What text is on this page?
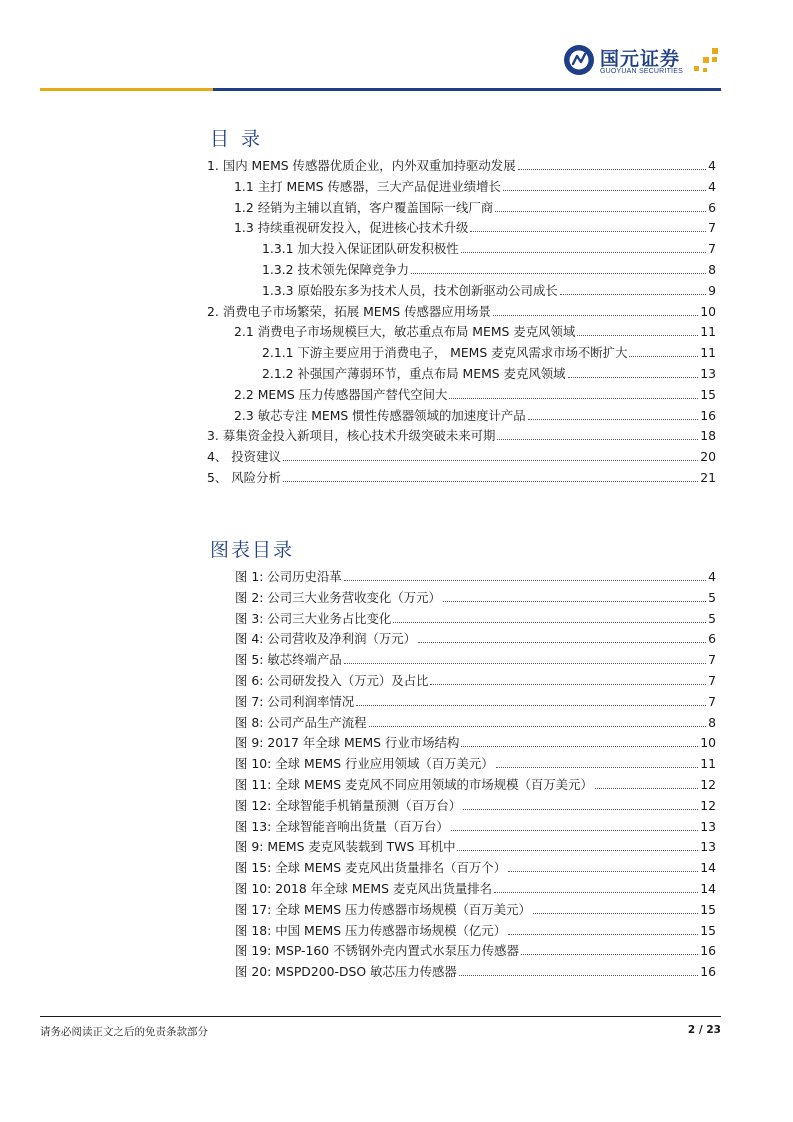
国元证券
GUOYUAN SECURITIES
目录
1. 国内 MEMS 传感器优质企业，内外双重加持驱动发展	4
1.1 主打 MEMS 传感器，三大产品促进业绩增长	4
1.2 经销为主辅以直销，客户覆盖国际一线厂商	6
1.3 持续重视研发投入，促进核心技术升级	7
1.3.1 加大投入保证团队研发积极性	7
1.3.2 技术领先保障竞争力	8
1.3.3 原始股东多为技术人员，技术创新驱动公司成长	9
2. 消费电子市场繁荣，拓展 MEMS 传感器应用场景	10
2.1 消费电子市场规模巨大，敏芯重点布局 MEMS 麦克风领域	11
2.1.1 下游主要应用于消费电子， MEMS 麦克风需求市场不断扩大	11
2.1.2 补强国产薄弱环节，重点布局 MEMS 麦克风领域	13
2.2 MEMS 压力传感器国产替代空间大	15
2.3 敏芯专注 MEMS 惯性传感器领域的加速度计产品	16
3. 募集资金投入新项目，核心技术升级突破未来可期	18
4、 投资建议	20
5、 风险分析	21
图表目录
图 1: 公司历史沿革	4
图 2: 公司三大业务营收变化（万元）	5
图 3: 公司三大业务占比变化	5
图 4: 公司营收及净利润（万元）	6
图 5: 敏芯终端产品	7
图 6: 公司研发投入（万元）及占比	7
图 7: 公司利润率情况	7
图 8: 公司产品生产流程	8
图 9: 2017 年全球 MEMS 行业市场结构	10
图 10: 全球 MEMS 行业应用领域（百万美元）	11
图 11: 全球 MEMS 麦克风不同应用领域的市场规模（百万美元）	12
图 12: 全球智能手机销量预测（百万台）	12
图 13: 全球智能音响出货量（百万台）	13
图 9: MEMS 麦克风装载到 TWS 耳机中	13
图 15: 全球 MEMS 麦克风出货量排名（百万个）	14
图 10: 2018 年全球 MEMS 麦克风出货量排名	14
图 17: 全球 MEMS 压力传感器市场规模（百万美元）	15
图 18: 中国 MEMS 压力传感器市场规模（亿元）	15
图 19: MSP-160 不锈钢外壳内置式水泵压力传感器	16
图 20: MSPD200-DSO 敏芯压力传感器	16
请务必阅读正文之后的免责条款部分	2 / 23
